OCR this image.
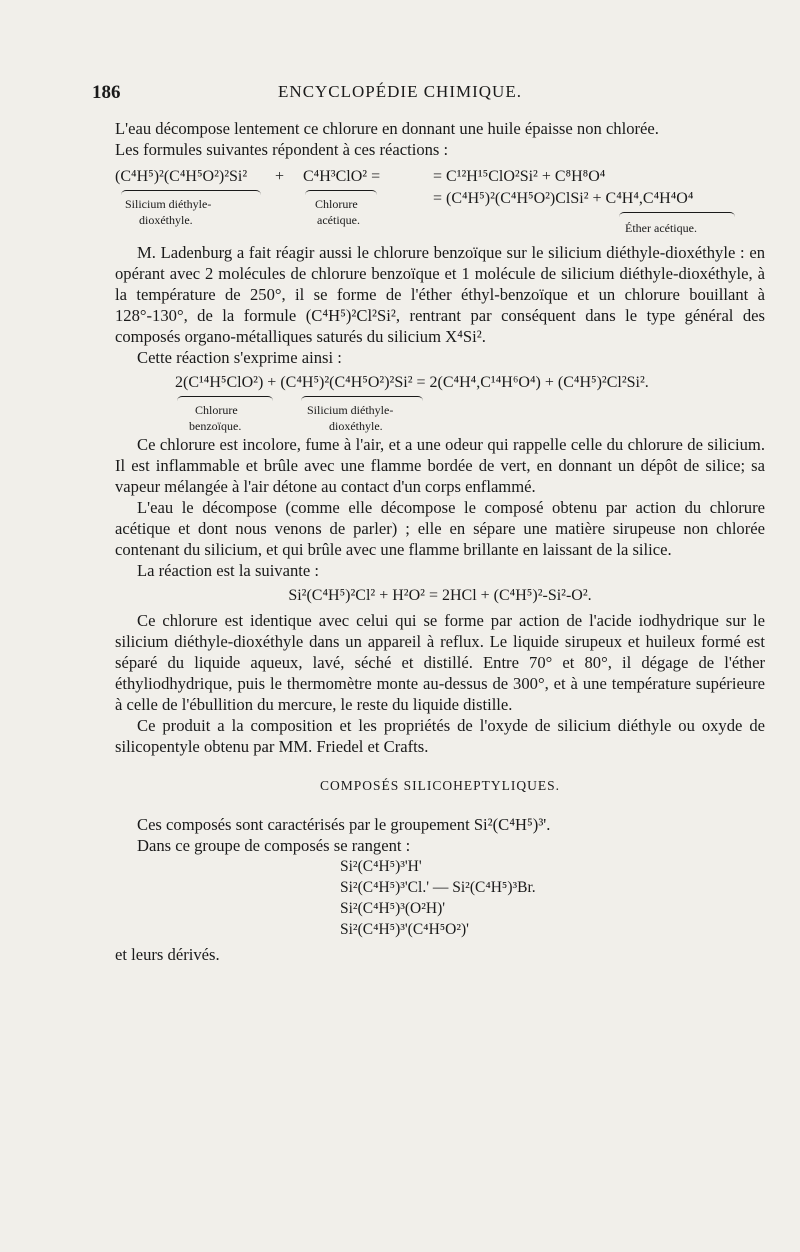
186	ENCYCLOPÉDIE CHIMIQUE.

L'eau décompose lentement ce chlorure en donnant une huile épaisse non chlorée.

Les formules suivantes répondent à ces réactions :

(C⁴H⁵)²(C⁴H⁵O²)²Si² + C⁴H³ClO² =	= C¹²H¹⁵ClO²Si² + C⁸H⁸O⁴
= (C⁴H⁵)²(C⁴H⁵O²)ClSi² + C⁴H⁴,C⁴H⁴O⁴
Silicium diéthyle-
dioxéthyle.
Chlorure
acétique.
Éther acétique.

M. Ladenburg a fait réagir aussi le chlorure benzoïque sur le silicium diéthyle-dioxéthyle : en opérant avec 2 molécules de chlorure benzoïque et 1 molécule de silicium diéthyle-dioxéthyle, à la température de 250°, il se forme de l'éther éthyl-benzoïque et un chlorure bouillant à 128°-130°, de la formule (C⁴H⁵)²Cl²Si², rentrant par conséquent dans le type général des composés organo-métalliques saturés du silicium X⁴Si².

Cette réaction s'exprime ainsi :

2(C¹⁴H⁵ClO²) + (C⁴H⁵)²(C⁴H⁵O²)²Si² = 2(C⁴H⁴,C¹⁴H⁶O⁴) + (C⁴H⁵)²Cl²Si².
Chlorure
benzoïque.
Silicium diéthyle-
dioxéthyle.

Ce chlorure est incolore, fume à l'air, et a une odeur qui rappelle celle du chlorure de silicium. Il est inflammable et brûle avec une flamme bordée de vert, en donnant un dépôt de silice; sa vapeur mélangée à l'air détone au contact d'un corps enflammé.

L'eau le décompose (comme elle décompose le composé obtenu par action du chlorure acétique et dont nous venons de parler) ; elle en sépare une matière sirupeuse non chlorée contenant du silicium, et qui brûle avec une flamme brillante en laissant de la silice.

La réaction est la suivante :

Si²(C⁴H⁵)²Cl² + H²O² = 2HCl + (C⁴H⁵)²-Si²-O².

Ce chlorure est identique avec celui qui se forme par action de l'acide iodhydrique sur le silicium diéthyle-dioxéthyle dans un appareil à reflux. Le liquide sirupeux et huileux formé est séparé du liquide aqueux, lavé, séché et distillé. Entre 70° et 80°, il dégage de l'éther éthyliodhydrique, puis le thermomètre monte au-dessus de 300°, et à une température supérieure à celle de l'ébullition du mercure, le reste du liquide distille.

Ce produit a la composition et les propriétés de l'oxyde de silicium diéthyle ou oxyde de silicopentyle obtenu par MM. Friedel et Crafts.

COMPOSÉS SILICOHEPTYLIQUES.

Ces composés sont caractérisés par le groupement Si²(C⁴H⁵)³'.

Dans ce groupe de composés se rangent :

Si²(C⁴H⁵)³'H'
Si²(C⁴H⁵)³'Cl.' — Si²(C⁴H⁵)³Br.
Si²(C⁴H⁵)³(O²H)'
Si²(C⁴H⁵)³'(C⁴H⁵O²)'

et leurs dérivés.
